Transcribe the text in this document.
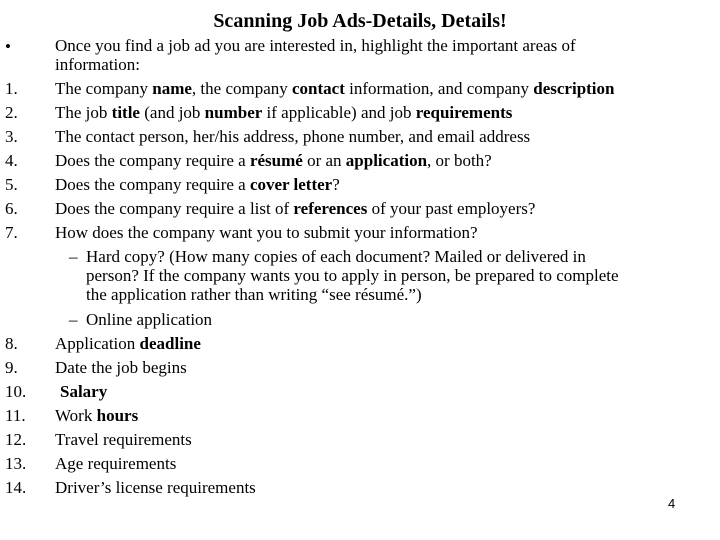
Scanning Job Ads-Details, Details!
•	Once you find a job ad you are interested in, highlight the important areas of
information:
1. The company name, the company contact information, and company description
2. The job title (and job number if applicable) and job requirements
3. The contact person, her/his address, phone number, and email address
4. Does the company require a résumé or an application, or both?
5. Does the company require a cover letter?
6. Does the company require a list of references of your past employers?
7. How does the company want you to submit your information?
– Hard copy? (How many copies of each document? Mailed or delivered in
person? If the company wants you to apply in person, be prepared to complete
the application rather than writing “see résumé.”)
– Online application
8. Application deadline
9. Date the job begins
10. Salary
11. Work hours
12. Travel requirements
13. Age requirements
14. Driver’s license requirements
4
